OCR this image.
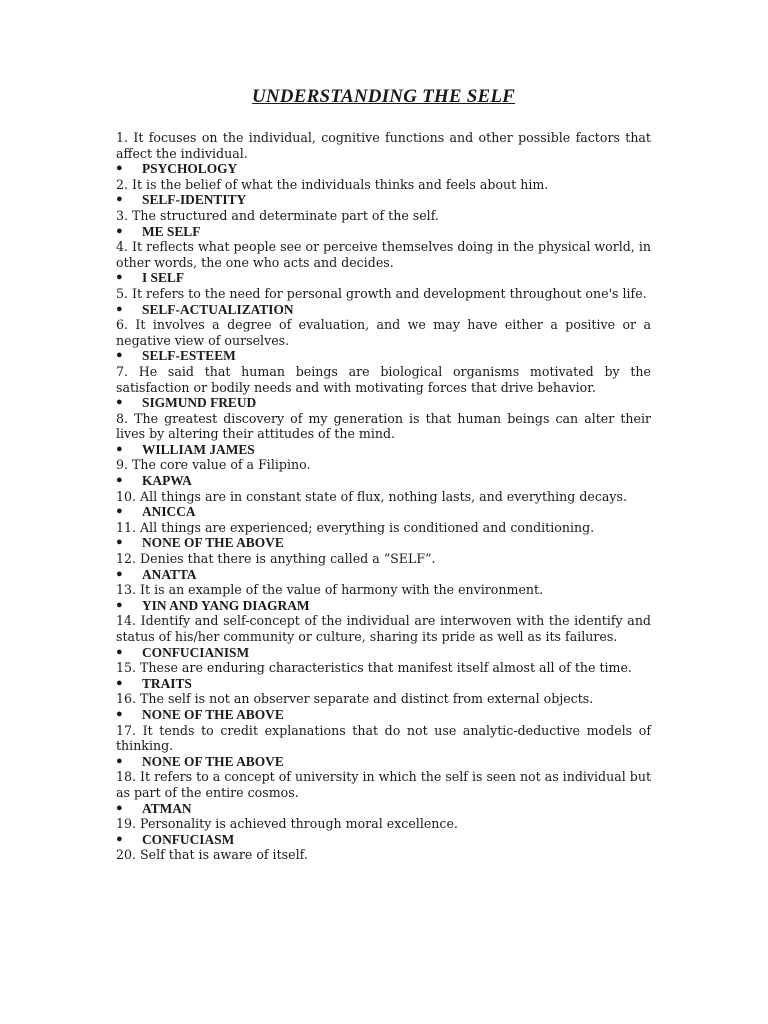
UNDERSTANDING THE SELF

1. It focuses on the individual, cognitive functions and other possible factors that affect the individual.

●	PSYCHOLOGY

2. It is the belief of what the individuals thinks and feels about him.

●	SELF-IDENTITY

3. The structured and determinate part of the self.

●	ME SELF

4. It reflects what people see or perceive themselves doing in the physical world, in other words, the one who acts and decides.

●	I SELF

5. It refers to the need for personal growth and development throughout one's life.

●	SELF-ACTUALIZATION

6. It involves a degree of evaluation, and we may have either a positive or a negative view of ourselves.

●	SELF-ESTEEM

7. He said that human beings are biological organisms motivated by the satisfaction or bodily needs and with motivating forces that drive behavior.

●	SIGMUND FREUD

8. The greatest discovery of my generation is that human beings can alter their lives by altering their attitudes of the mind.

●	WILLIAM JAMES

9. The core value of a Filipino.

●	KAPWA

10. All things are in constant state of flux, nothing lasts, and everything decays.

●	ANICCA

11. All things are experienced; everything is conditioned and conditioning.

●	NONE OF THE ABOVE

12. Denies that there is anything called a “SELF”.

●	ANATTA

13. It is an example of the value of harmony with the environment.

●	YIN AND YANG DIAGRAM

14. Identify and self-concept of the individual are interwoven with the identify and status of his/her community or culture, sharing its pride as well as its failures.

●	CONFUCIANISM

15. These are enduring characteristics that manifest itself almost all of the time.

●	TRAITS

16. The self is not an observer separate and distinct from external objects.

●	NONE OF THE ABOVE

17. It tends to credit explanations that do not use analytic-deductive models of thinking.

●	NONE OF THE ABOVE

18. It refers to a concept of university in which the self is seen not as individual but as part of the entire cosmos.

●	ATMAN

19. Personality is achieved through moral excellence.

●	CONFUCIASM

20. Self that is aware of itself.
